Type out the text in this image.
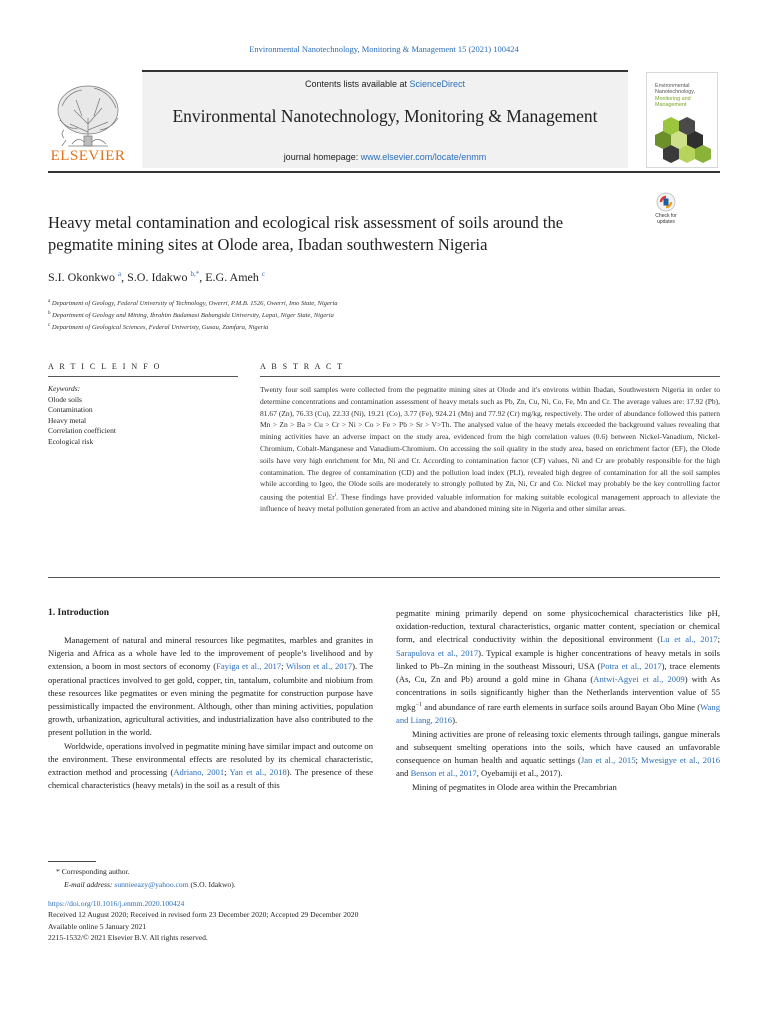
Environmental Nanotechnology, Monitoring & Management 15 (2021) 100424
Contents lists available at ScienceDirect
Environmental Nanotechnology, Monitoring & Management
journal homepage: www.elsevier.com/locate/enmm
ELSEVIER
Environmental
Nanotechnology,
Monitoring and
Management
Heavy metal contamination and ecological risk assessment of soils around the pegmatite mining sites at Olode area, Ibadan southwestern Nigeria
Check for
updates
S.I. Okonkwo $^a$, S.O. Idakwo $^{b,*}$, E.G. Ameh $^c$
$^a$ Department of Geology, Federal University of Technology, Owerri, P.M.B. 1526, Owerri, Imo State, Nigeria
$^b$ Department of Geology and Mining, Ibrahim Badamasi Babangida University, Lapai, Niger State, Nigeria
$^c$ Department of Geological Sciences, Federal Univeristy, Gusau, Zamfara, Nigeria
A R T I C L E I N F O	A B S T R A C T
Keywords:
Olode soils
Contamination
Heavy metal
Correlation coefficient
Ecological risk
Twenty four soil samples were collected from the pegmatite mining sites at Olode and it's environs within Ibadan, Southwestern Nigeria in order to determine concentrations and contamination assessment of heavy metals such as Pb, Zn, Cu, Ni, Co, Fe, Mn and Cr. The average values are: 17.92 (Pb), 81.67 (Zn), 76.33 (Cu), 22.33 (Ni), 19.21 (Co), 3.77 (Fe), 924.21 (Mn) and 77.92 (Cr) mg/kg, respectively. The order of abundance followed this pattern Mn > Zn > Ba > Cu > Cr > Ni > Co > Fe > Pb > Sr > V>Th. The analysed value of the heavy metals exceeded the background values revealing that mining activities have an adverse impact on the study area, evidenced from the high correlation values (0.6) between Nickel-Vanadium, Nickel-Chromium, Cobalt-Manganese and Vanadium-Chromium. On accessing the soil quality in the study area, based on enrichment factor (EF), the Olode soils have very high enrichment for Mn, Ni and Cr. According to contamination factor (CF) values, Ni and Cr are probably responsible for the high contamination. The degree of contamination (CD) and the pollution load index (PLI), revealed high degree of contamination for all the soil samples while according to Igeo, the Olode soils are moderately to strongly polluted by Zn, Ni, Cr and Co. Nickel may probably be the key controlling factor causing the potential Er$^i$. These findings have provided valuable information for making suitable ecological management approach to alleviate the influence of heavy metal pollution generated from an active and abandoned mining site in Nigeria and other similar areas.
1. Introduction

Management of natural and mineral resources like pegmatites, marbles and granites in Nigeria and Africa as a whole have led to the improvement of people’s livelihood and by extension, a boom in most sectors of economy (Fayiga et al., 2017; Wilson et al., 2017). The operational practices involved to get gold, copper, tin, tantalum, columbite and niobium from these resources like pegmatites or even mining the pegmatite for construction purpose have pessimistically impacted the environment. Although, other than mining activities, population growth, urbanization, agricultural activities, and industrialization have also contributed to the present pollution in the world.

Worldwide, operations involved in pegmatite mining have similar impact and outcome on the environment. These environmental effects are resoluted by its chemical characteristic, extraction method and processing (Adriano, 2001; Yan et al., 2018). The presence of these chemical characteristics (heavy metals) in the soil as a result of this

pegmatite mining primarily depend on some physicochemical characteristics like pH, oxidation-reduction, textural characteristics, organic matter content, speciation or chemical form, and electrical conductivity within the depositional environment (Lu et al., 2017; Sarapulova et al., 2017). Typical example is higher concentrations of heavy metals in soils linked to Pb–Zn mining in the southeast Missouri, USA (Potra et al., 2017), trace elements (As, Cu, Zn and Pb) around a gold mine in Ghana (Antwi-Agyei et al., 2009) with As concentrations in soils significantly higher than the Netherlands intervention value of 55 mgkg$^{-1}$ and abundance of rare earth elements in surface soils around Bayan Obo Mine (Wang and Liang, 2016).

Mining activities are prone of releasing toxic elements through tailings, gangue minerals and subsequent smelting operations into the soils, which have caused an unfavorable consequence on human health and aquatic settings (Jan et al., 2015; Mwesigye et al., 2016 and Benson et al., 2017, Oyebamiji et al., 2017).

Mining of pegmatites in Olode area within the Precambrian

* Corresponding author.
E-mail address: sunnieeazy@yahoo.com (S.O. Idakwo).
https://doi.org/10.1016/j.enmm.2020.100424
Received 12 August 2020; Received in revised form 23 December 2020; Accepted 29 December 2020
Available online 5 January 2021
2215-1532/© 2021 Elsevier B.V. All rights reserved.
